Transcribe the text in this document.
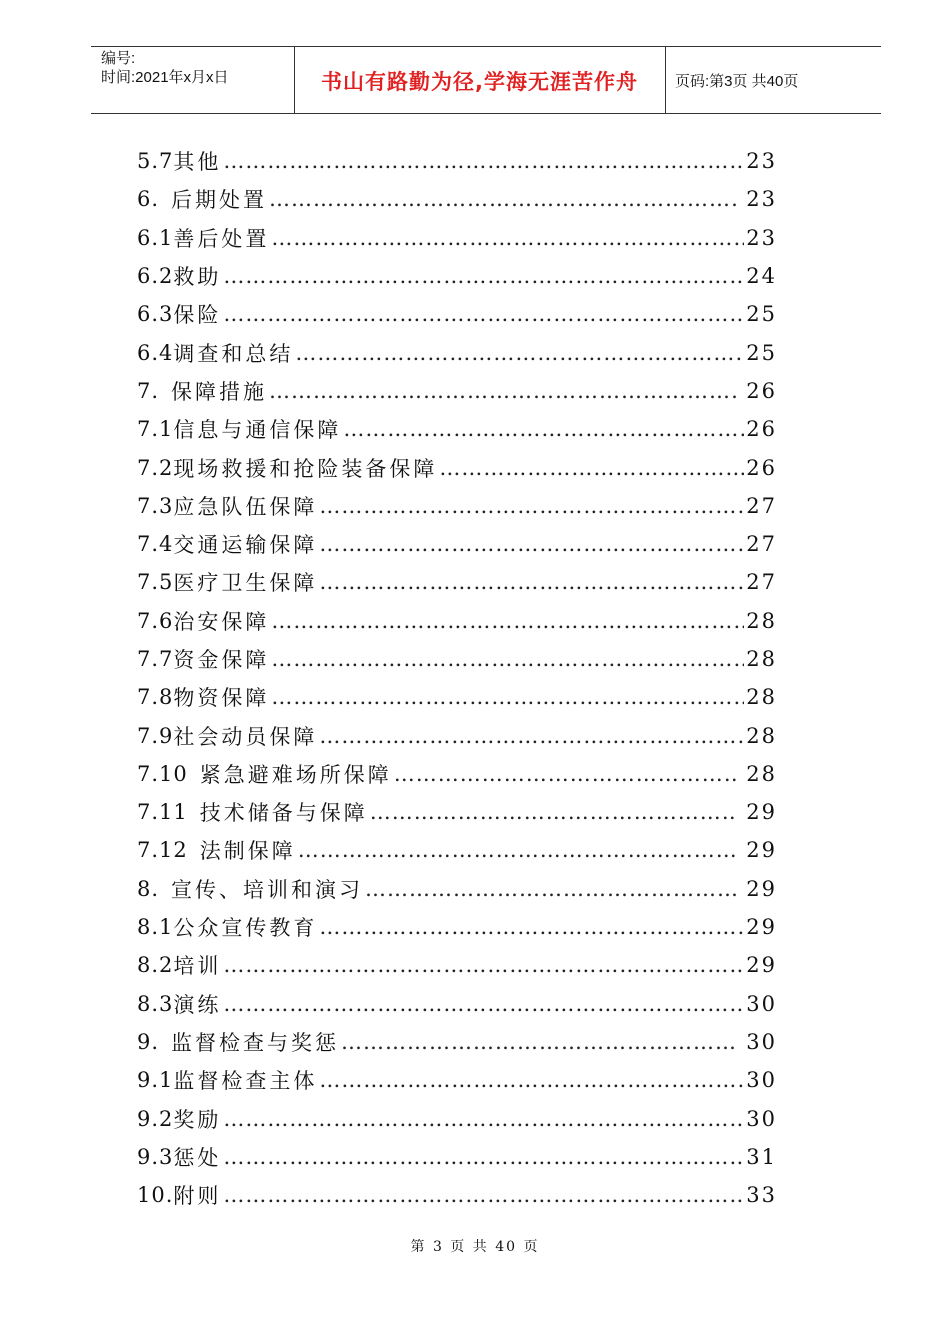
编号:
时间:2021年x月x日	书山有路勤为径,学海无涯苦作舟	页码:第3页 共40页
5.7 其他 ……………………………………………………………………………………………………………………………………………	23
6. 后期处置 ……………………………………………………………………………………………………………………………………………	23
6.1 善后处置 ……………………………………………………………………………………………………………………………………………	23
6.2 救助 ……………………………………………………………………………………………………………………………………………	24
6.3 保险 ……………………………………………………………………………………………………………………………………………	25
6.4 调查和总结 ……………………………………………………………………………………………………………………………………………	25
7. 保障措施 ……………………………………………………………………………………………………………………………………………	26
7.1 信息与通信保障 ……………………………………………………………………………………………………………………………………………	26
7.2 现场救援和抢险装备保障 ……………………………………………………………………………………………………………………………………………	26
7.3 应急队伍保障 ……………………………………………………………………………………………………………………………………………	27
7.4 交通运输保障 ……………………………………………………………………………………………………………………………………………	27
7.5 医疗卫生保障 ……………………………………………………………………………………………………………………………………………	27
7.6 治安保障 ……………………………………………………………………………………………………………………………………………	28
7.7 资金保障 ……………………………………………………………………………………………………………………………………………	28
7.8 物资保障 ……………………………………………………………………………………………………………………………………………	28
7.9 社会动员保障 ……………………………………………………………………………………………………………………………………………	28
7.10 紧急避难场所保障 ……………………………………………………………………………………………………………………………………………	28
7.11 技术储备与保障 ……………………………………………………………………………………………………………………………………………	29
7.12 法制保障 ……………………………………………………………………………………………………………………………………………	29
8. 宣传、培训和演习 ……………………………………………………………………………………………………………………………………………	29
8.1 公众宣传教育 ……………………………………………………………………………………………………………………………………………	29
8.2 培训 ……………………………………………………………………………………………………………………………………………	29
8.3 演练 ……………………………………………………………………………………………………………………………………………	30
9. 监督检查与奖惩 ……………………………………………………………………………………………………………………………………………	30
9.1 监督检查主体 ……………………………………………………………………………………………………………………………………………	30
9.2 奖励 ……………………………………………………………………………………………………………………………………………	30
9.3 惩处 ……………………………………………………………………………………………………………………………………………	31
10. 附则 ……………………………………………………………………………………………………………………………………………	33
第 3 页 共 40 页
